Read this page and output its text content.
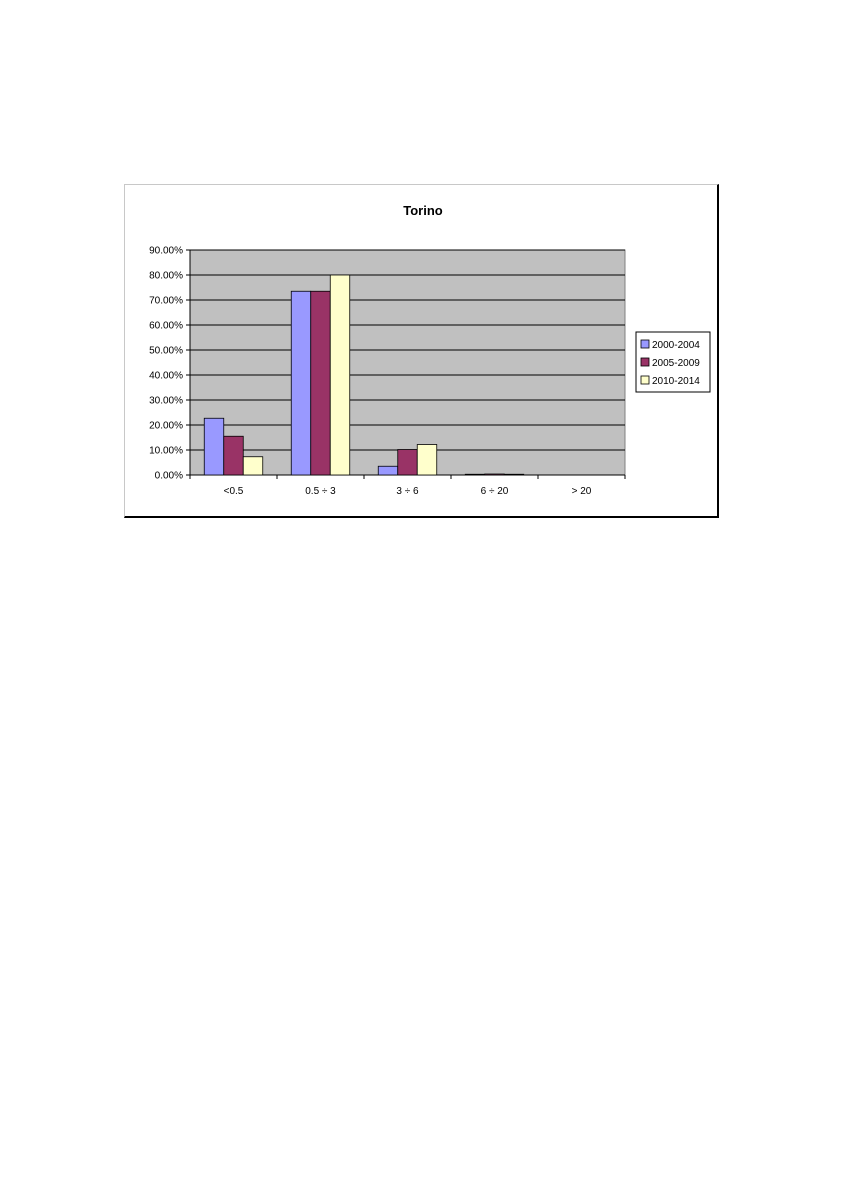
0.00%
10.00%
20.00%
30.00%
40.00%
50.00%
60.00%
70.00%
80.00%
90.00%
<0.5	0.5 ÷ 3	3 ÷ 6	6 ÷ 20	> 20
2000-2004
2005-2009
2010-2014
Torino
